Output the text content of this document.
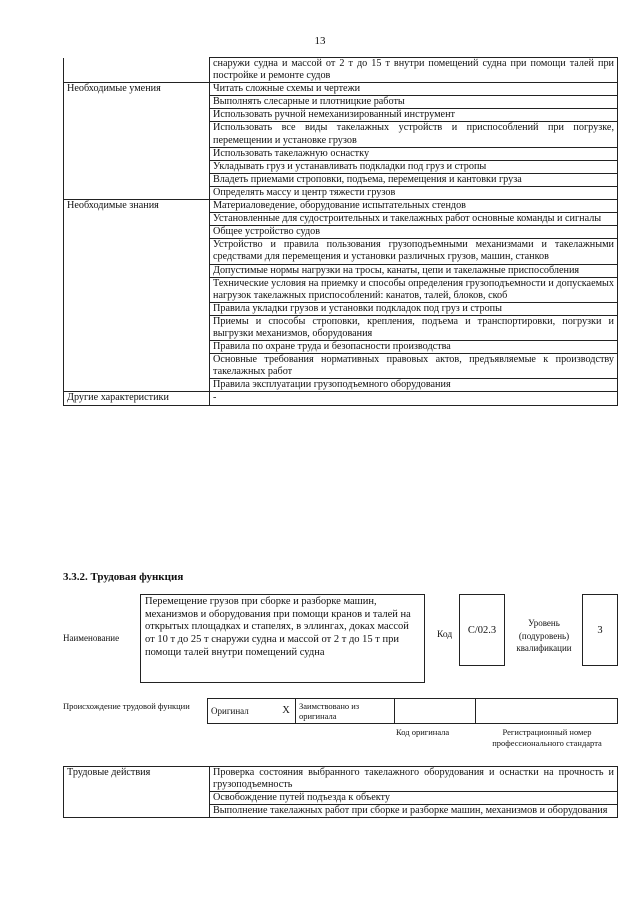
13
	снаружи судна и массой от 2 т до 15 т внутри помещений судна при помощи талей при постройке и ремонте судов
Необходимые умения	Читать сложные схемы и чертежи
	Выполнять слесарные и плотницкие работы
	Использовать ручной немеханизированный инструмент
	Использовать все виды такелажных устройств и приспособлений при погрузке, перемещении и установке грузов
	Использовать такелажную оснастку
	Укладывать груз и устанавливать подкладки под груз и стропы
	Владеть приемами строповки, подъема, перемещения и кантовки груза
	Определять массу и центр тяжести грузов
Необходимые знания	Материаловедение, оборудование испытательных стендов
	Установленные для судостроительных и такелажных работ основные команды и сигналы
	Общее устройство судов
	Устройство и правила пользования грузоподъемными механизмами и такелажными средствами для перемещения и установки различных грузов, машин, станков
	Допустимые нормы нагрузки на тросы, канаты, цепи и такелажные приспособления
	Технические условия на приемку и способы определения грузоподъемности и допускаемых нагрузок такелажных приспособлений: канатов, талей, блоков, скоб
	Правила укладки грузов и установки подкладок под груз и стропы
	Приемы и способы строповки, крепления, подъема и транспортировки, погрузки и выгрузки механизмов, оборудования
	Правила по охране труда и безопасности производства
	Основные требования нормативных правовых актов, предъявляемые к производству такелажных работ
	Правила эксплуатации грузоподъемного оборудования
Другие характеристики	-
3.3.2. Трудовая функция
Наименование
Перемещение грузов при сборке и разборке машин, механизмов и оборудования при помощи кранов и талей на открытых площадках и стапелях, в эллингах, доках массой от 10 т до 25 т снаружи судна и массой от 2 т до 15 т при помощи талей внутри помещений судна
Код	С/02.3
Уровень (подуровень) квалификации
3
Происхождение трудовой функции	Оригинал	X	Заимствовано из оригинала		
Код оригинала	Регистрационный номер профессионального стандарта
Трудовые действия	Проверка состояния выбранного такелажного оборудования и оснастки на прочность и грузоподъемность
	Освобождение путей подъезда к объекту
	Выполнение такелажных работ при сборке и разборке машин, механизмов и оборудования
